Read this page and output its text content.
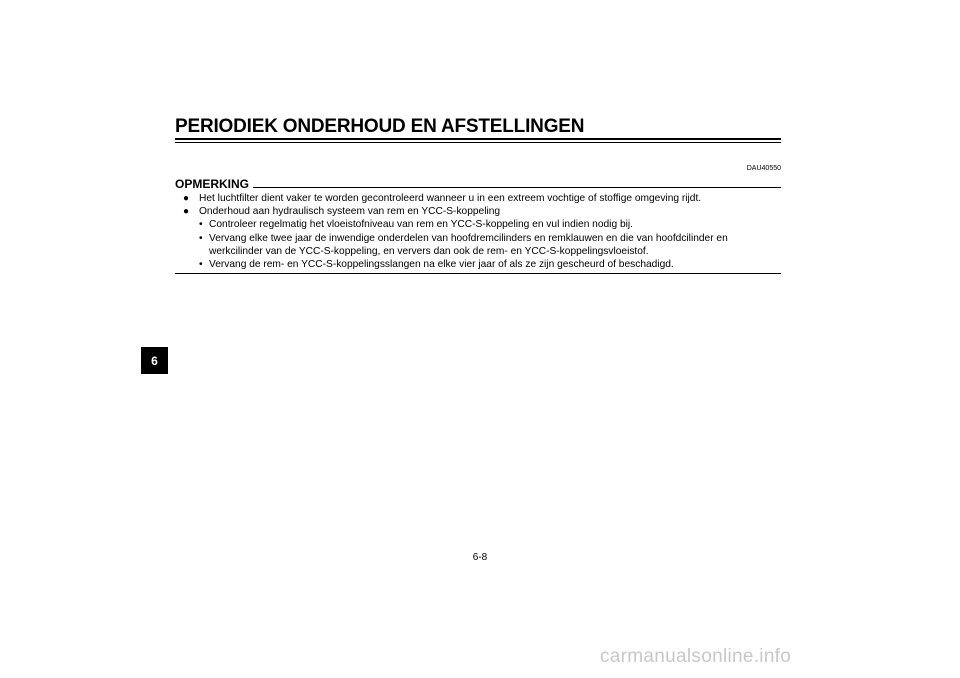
PERIODIEK ONDERHOUD EN AFSTELLINGEN
DAU40550
OPMERKING
● Het luchtfilter dient vaker te worden gecontroleerd wanneer u in een extreem vochtige of stoffige omgeving rijdt.
● Onderhoud aan hydraulisch systeem van rem en YCC-S-koppeling
• Controleer regelmatig het vloeistofniveau van rem en YCC-S-koppeling en vul indien nodig bij.
• Vervang elke twee jaar de inwendige onderdelen van hoofdremcilinders en remklauwen en die van hoofdcilinder en werkcilinder van de YCC-S-koppeling, en ververs dan ook de rem- en YCC-S-koppelingsvloeistof.
• Vervang de rem- en YCC-S-koppelingsslangen na elke vier jaar of als ze zijn gescheurd of beschadigd.
6
6-8
carmanualsonline.info
